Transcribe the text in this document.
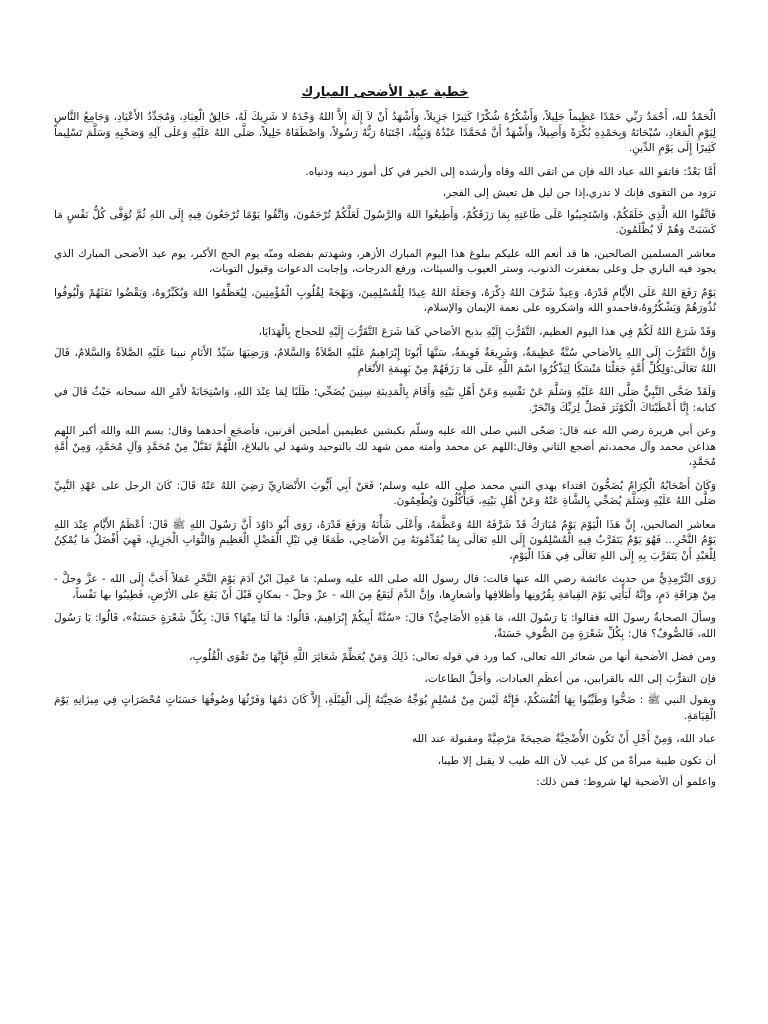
خطبة عيد الأضحى المبارك

الْحَمْدُ لله، أَحْمَدُ رَبِّي حَمْدًا عَظِيماً جَلِيلاً، وَأَشْكُرُهُ شُكْرًا كَثِيرًا جَزِيلاً، وَأَشْهَدُ أَنْ لاَ إِلَهَ إِلاَّ اللهُ وَحْدَهُ لا شَرِيكَ لَهُ، خَالِقُ الْعِبَادِ، وَمُجَدِّدُ الأَعْيَادِ، وَجَامِعُ النَّاسِ لِيَوْمِ الْمَعَادِ، سُبْحَانَهُ وَبِحَمْدِهِ بُكْرَةً وَأَصِيلاً، وَأَشْهَدُ أَنَّ مُحَمَّدًا عَبْدُهُ وَنَبِيُّهُ، اجْتَبَاهُ رَبُّهُ رَسُولاً، وَاصْطَفَاهُ خَلِيلاً، صَلَّى اللهُ عَلَيْهِ وَعَلَى آلِهِ وَصَحْبِهِ وَسَلَّمَ تَسْلِيماً كَثِيرًا إِلَى يَوْمِ الدِّينِ.

أَمَّا بَعْدُ: فاتقو الله عباد الله فإن من اتقى الله وقاه وأرشده إلى الخير في كل أمور دينه ودنياه.

تزود من التقوى فإنك لا تدري،إذا جن ليل هل تعيش إلى الفجر،

فَاتَّقُوا اللهَ الَّذِي خَلَقَكُمْ، وَاسْتَجِيبُوا عَلَى طَاعَتِهِ بِمَا رَزَقَكُمْ، وَأَطِيعُوا اللهَ وَالرَّسُولَ لَعَلَّكُمْ تُرْحَمُونَ، وَاتَّقُوا يَوْمًا تُرْجَعُونَ فِيهِ إِلَى اللهِ ثُمَّ تُوَفَّى كُلُّ نَفْسٍ مَا كَسَبَتْ وَهُمْ لَا يُظْلَمُونَ.

معاشر المسلمين الصالحين، ها قد أنعم الله عليكم ببلوغ هذا اليوم المبارك الأزهر، وشهدتم بفضله ومنّه يوم الحج الأكبر، يوم عيد الأضحى المبارك الذي يجود فيه الباري جل وعلى بمغفرت الذنوب، وستر العيوب والسيئات، ورفع الدرجات، وإجابت الدعوات وقبول التوبات،

يَوْمٌ رَفَعَ اللهُ عَلَى الأَيَّامِ قَدْرَهُ، وَعِيدٌ شَرَّفَ اللهُ ذِكْرَهُ، وَجَعَلَهُ اللهُ عِيدًا لِلْمُسْلِمِينَ، وَبَهْجَةً لِقُلُوبِ الْمُؤْمِنِينَ، لِيُعَظِّمُوا اللهَ وَيُكَبِّرُوهُ، وَيَقْضُوا تَفَثَهُمْ وَلْيُوفُوا نُذُورَهُمْ وَيَشْكُرُوهُ،فاحمدو الله واشكروه على نعمة الإيمان والإسلام،

وَقَدْ شَرَعَ اللهُ لَكُمْ فِي هذا اليوم العظيم، التَّقَرُّبَ إِلَيْهِ بذبح الأضاحي كَمَا شَرَعَ التَّقَرُّبَ إِلَيْهِ للحجاج بِالْهَدَايَا،

وَإِنَّ التَّقَرُّبَ إِلَى اللهِ بِالأضاحي سُنَّةٌ عَظِيمَةٌ، وَشَرِيعَةٌ قَوِيمَةٌ، سَنَّهَا أَبُونَا إِبْرَاهِيمُ عَلَيْهِ الصَّلاَةُ وَالسَّلامُ، وَرَضِيَهَا سَيِّدُ الأَنَامِ نبينا عَلَيْهِ الصَّلاَةُ وَالسَّلامُ، قَالَ اللهُ تَعَالَى:وَلِكُلِّ أُمَّةٍ جَعَلْنَا مَنْسَكًا لِيَذْكُرُوا اسْمَ اللَّهِ عَلَى مَا رَزَقَهُمْ مِنْ بَهِيمَةِ الأَنْعَامِ

وَلَقَدْ ضَحَّى النَّبِيُّ صَلَّى اللهُ عَلَيْهِ وَسَلَّمَ عَنْ نَفْسِهِ وَعَنْ أَهْلِ بَيْتِهِ وَأَقَامَ بِالْمَدِينَةِ سِنِينَ يُضَحِّي؛ طَلَبًا لِمَا عِنْدَ اللهِ، وَاسْتِجَابَةً لأَمْرِ الله سبحانه حَيْثُ قَالَ في كتابه: إِنَّا أَعْطَيْنَاكَ الْكَوْثَرَ فَصَلِّ لِرَبِّكَ وَانْحَرْ.

وعن أبي هريرة رضي الله عنه قال: ضحّى النبي صلى الله عليه وسلّم بكبشين عظيمين أملحين أقرنين، فأضجَع أحدهما وقال: بسم الله والله أكبر اللهم هذاعن محمد وآل محمد،ثم أضجع الثاني وقال:اللهم عن محمد وأمته ممن شهد لك بالتوحيد وشهد لي بالبلاغ، اللَّهُمَّ تَقَبَّلْ مِنْ مُحَمَّدٍ وَآلِ مُحَمَّدٍ، وَمِنْ أُمَّةِ مُحَمَّدٍ،

وَكَانَ أَصْحَابُهُ الْكِرَامُ يُضَحُّونَ اقتداء بهدي النبي محمد صلى الله عليه وسلم؛ فَعَنْ أَبِي أَيُّوبَ الأَنْصَارِيِّ رَضِيَ اللهُ عَنْهُ قَالَ: كَانَ الرجل على عَهْدِ النَّبِيِّ صَلَّى اللهُ عَلَيْهِ وَسَلَّمَ يُضَحِّي بِالشَّاةِ عَنْهُ وَعَنْ أَهْلِ بَيْتِهِ، فَيَأْكُلُونَ وَيُطْعِمُونَ.

معاشر الصالحين، إِنَّ هَذَا الْيَوْمَ يَوْمٌ مُبَارَكٌ قَدْ شَرَّفَهُ اللهُ وَعَظَّمَهُ، وَأَعْلَى شَأْنَهُ وَرَفَعَ قَدْرَهُ، رَوَى أَبُو دَاوُدَ أَنَّ رَسُولَ اللهِ ﷺ قَالَ: أَعْظَمُ الأَيَّامِ عِنْدَ اللهِ يَوْمُ النَّحْرِ... فَهُوَ يَوْمٌ يَتَقَرَّبُ فِيهِ الْمُسْلِمُونَ إِلَى اللهِ تَعَالَى بِمَا يُقَدِّمُونَهُ مِنَ الأَضَاحِي، طَمَعًا فِي نَيْلِ الْفَضْلِ الْعَظِيمِ وَالثَّوَابِ الْجَزِيلِ، فَهِيَ أَفْضَلُ مَا يُمْكِنُ لِلْعَبْدِ أَنْ يَتَقَرَّبَ بِهِ إِلَى اللهِ تَعَالَى فِي هَذَا الْيَوْمِ،

رَوَى التِّرْمِذِيُّ من حديث عائشة رضي الله عنها قالت: قال رسول الله صلى الله عليه وسلم: مَا عَمِلَ ابْنُ آدَمَ يَوْمَ النَّحْرِ عَمَلاً أَحَبَّ إِلَى الله - عزَّ وجلَّ - مِنْ هِرَاقَةِ دَمٍ، وإنَّهُ لَيَأْتِي يَوْمَ القِيامَةِ بِقُرُونِها وأظلافِها وأشعارِها، وإنَّ الدَّمَ لَيَقَعُ مِنَ الله - عزّ وجلّ - بمكانٍ قَبْلَ أَنْ يَقَعَ على الأرْضِ، فَطِيبُوا بها نَفْساً،

وسألَ الصحابةُ رسولَ الله فقالوا: يَا رَسُولَ الله، مَا هَذِهِ الأَضَاحِيُّ؟ قالَ: «سُنَّةُ أَبِيكُمْ إِبْرَاهِيمَ، قَالُوا: مَا لَنَا مِنْهَا؟ قَالَ: بِكُلِّ شَعْرَةٍ حَسَنَةٌ»، قَالُوا: يَا رَسُولَ الله، فَالصُّوفُ؟ قال: بِكُلِّ شَعْرَةٍ مِنَ الصُّوفِ حَسَنَةٌ،

ومن فضل الأضحية أنها من شعائر الله تعالى، كما ورد في قوله تعالى: ذَلِكَ وَمَنْ يُعَظِّمْ شَعَائِرَ اللَّهِ فَإِنَّهَا مِنْ تَقْوَى الْقُلُوبِ،

فإن التقرُّبَ إلى الله بالقرابين، من أعظَمِ العبادات، وأجَلِّ الطاعات،

ويقول النبي ﷺ : ضَحُّوا وَطَيِّبُوا بِهَا أَنْفُسَكُمْ، فَإِنَّهُ لَيْسَ مِنْ مُسْلِمٍ يُوَجِّهُ ضَحِيَّتَهُ إِلَى الْقِبْلَةِ، إِلاَّ كَانَ دَمُهَا وَفَرْثُهَا وَصُوفُهَا حَسَنَاتٍ مُحْضَرَاتٍ فِي مِيزَانِهِ يَوْمَ الْقِيَامَةِ.

عباد الله، وَمِنْ أَجْلِ أَنْ تَكُونَ الأُضْحِيَّةُ صَحِيحَةً مَرْضِيَّةً ومقبولة عند الله

أن تكون طيبة مبرأةً من كل عيب لأن الله طيب لا يقبل إلا طيبا،

واعلمو أن الأضحية لها شروط: فمن ذلك:
